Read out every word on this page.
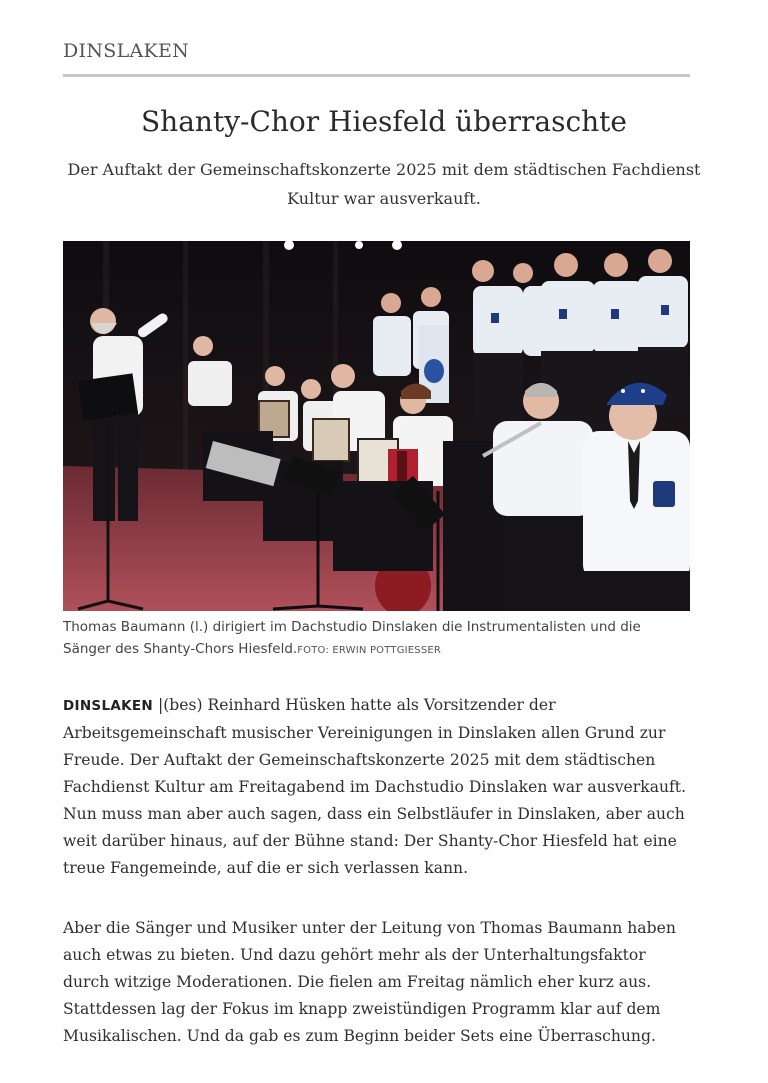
DINSLAKEN
Shanty-Chor Hiesfeld überraschte

Der Auftakt der Gemeinschaftskonzerte 2025 mit dem städtischen Fachdienst Kultur war ausverkauft.

Thomas Baumann (l.) dirigiert im Dachstudio Dinslaken die Instrumentalisten und die Sänger des Shanty-Chors Hiesfeld.FOTO: ERWIN POTTGIESSER

DINSLAKEN |(bes) Reinhard Hüsken hatte als Vorsitzender der Arbeitsgemeinschaft musischer Vereinigungen in Dinslaken allen Grund zur Freude. Der Auftakt der Gemeinschaftskonzerte 2025 mit dem städtischen Fachdienst Kultur am Freitagabend im Dachstudio Dinslaken war ausverkauft. Nun muss man aber auch sagen, dass ein Selbstläufer in Dinslaken, aber auch weit darüber hinaus, auf der Bühne stand: Der Shanty-Chor Hiesfeld hat eine treue Fangemeinde, auf die er sich verlassen kann.

Aber die Sänger und Musiker unter der Leitung von Thomas Baumann haben auch etwas zu bieten. Und dazu gehört mehr als der Unterhaltungsfaktor durch witzige Moderationen. Die fielen am Freitag nämlich eher kurz aus. Stattdessen lag der Fokus im knapp zweistündigen Programm klar auf dem Musikalischen. Und da gab es zum Beginn beider Sets eine Überraschung.
